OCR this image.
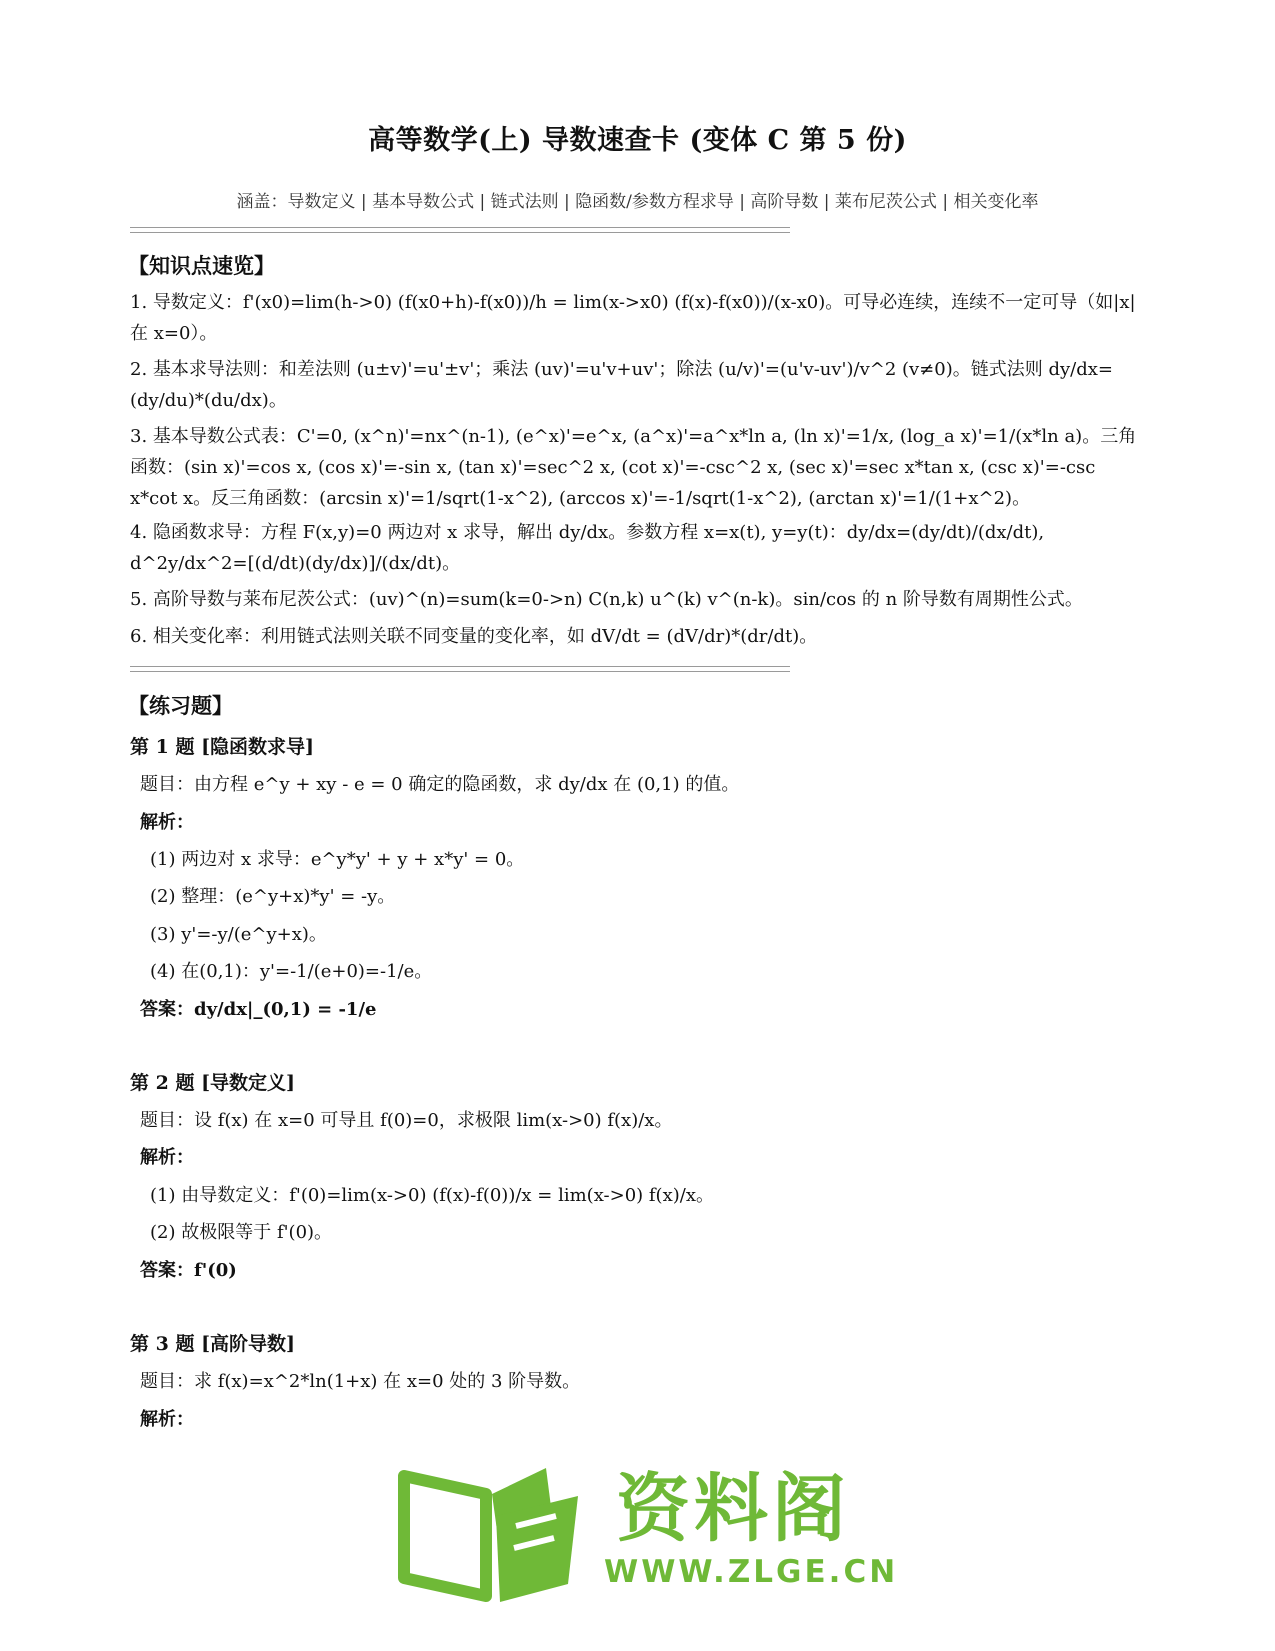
高等数学(上) 导数速查卡 (变体 C 第 5 份)
涵盖：导数定义 | 基本导数公式 | 链式法则 | 隐函数/参数方程求导 | 高阶导数 | 莱布尼茨公式 | 相关变化率
【知识点速览】
1. 导数定义：f'(x0)=lim(h->0) (f(x0+h)-f(x0))/h = lim(x->x0) (f(x)-f(x0))/(x-x0)。可导必连续，连续不一定可导（如|x|在 x=0）。
2. 基本求导法则：和差法则 (u±v)'=u'±v'；乘法 (uv)'=u'v+uv'；除法 (u/v)'=(u'v-uv')/v^2 (v≠0)。链式法则 dy/dx=(dy/du)*(du/dx)。
3. 基本导数公式表：C'=0, (x^n)'=nx^(n-1), (e^x)'=e^x, (a^x)'=a^x*ln a, (ln x)'=1/x, (log_a x)'=1/(x*ln a)。三角函数：(sin x)'=cos x, (cos x)'=-sin x, (tan x)'=sec^2 x, (cot x)'=-csc^2 x, (sec x)'=sec x*tan x, (csc x)'=-csc x*cot x。反三角函数：(arcsin x)'=1/sqrt(1-x^2), (arccos x)'=-1/sqrt(1-x^2), (arctan x)'=1/(1+x^2)。
4. 隐函数求导：方程 F(x,y)=0 两边对 x 求导，解出 dy/dx。参数方程 x=x(t), y=y(t)：dy/dx=(dy/dt)/(dx/dt), d^2y/dx^2=[(d/dt)(dy/dx)]/(dx/dt)。
5. 高阶导数与莱布尼茨公式：(uv)^(n)=sum(k=0->n) C(n,k) u^(k) v^(n-k)。sin/cos 的 n 阶导数有周期性公式。
6. 相关变化率：利用链式法则关联不同变量的变化率，如 dV/dt = (dV/dr)*(dr/dt)。
【练习题】
第 1 题 [隐函数求导]
题目：由方程 e^y + xy - e = 0 确定的隐函数，求 dy/dx 在 (0,1) 的值。
解析：
(1) 两边对 x 求导：e^y*y' + y + x*y' = 0。
(2) 整理：(e^y+x)*y' = -y。
(3) y'=-y/(e^y+x)。
(4) 在(0,1)：y'=-1/(e+0)=-1/e。
答案：dy/dx|_(0,1) = -1/e
第 2 题 [导数定义]
题目：设 f(x) 在 x=0 可导且 f(0)=0，求极限 lim(x->0) f(x)/x。
解析：
(1) 由导数定义：f'(0)=lim(x->0) (f(x)-f(0))/x = lim(x->0) f(x)/x。
(2) 故极限等于 f'(0)。
答案：f'(0)
第 3 题 [高阶导数]
题目：求 f(x)=x^2*ln(1+x) 在 x=0 处的 3 阶导数。
解析：
资料阁
WWW.ZLGE.CN
